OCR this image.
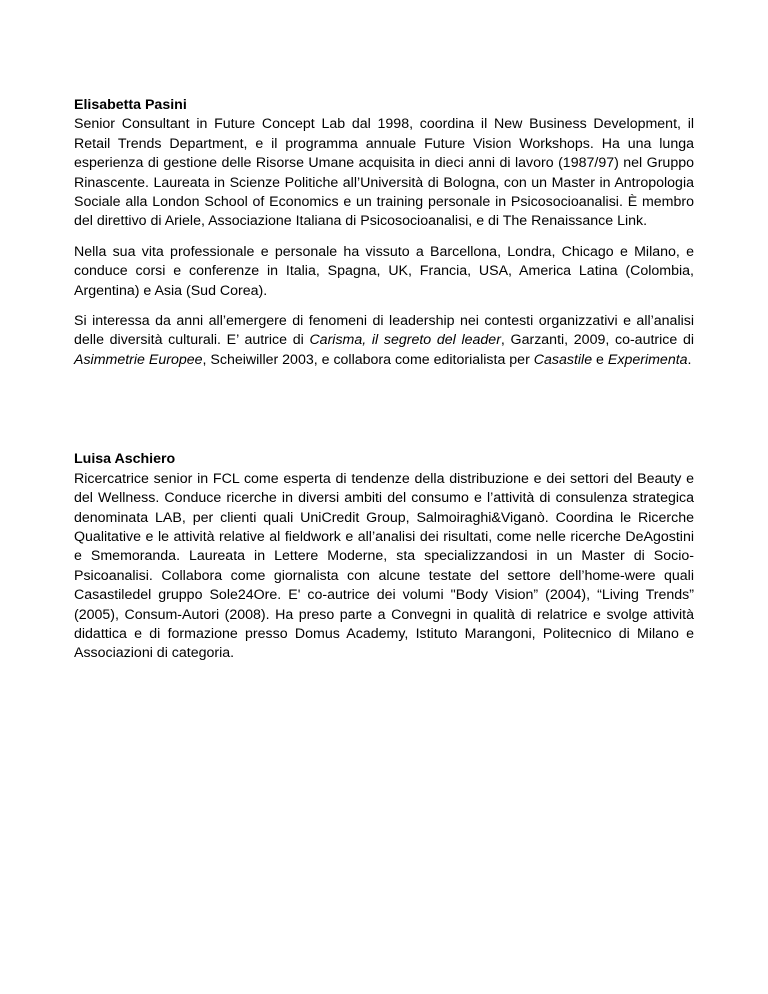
Elisabetta Pasini

Senior Consultant in Future Concept Lab dal 1998, coordina il New Business Development, il Retail Trends Department, e il programma annuale Future Vision Workshops. Ha una lunga esperienza di gestione delle Risorse Umane acquisita in dieci anni di lavoro (1987/97) nel Gruppo Rinascente. Laureata in Scienze Politiche all’Università di Bologna, con un Master in Antropologia Sociale alla London School of Economics e un training personale in Psicosocioanalisi. È membro del direttivo di Ariele, Associazione Italiana di Psicosocioanalisi, e di The Renaissance Link.

Nella sua vita professionale e personale ha vissuto a Barcellona, Londra, Chicago e Milano, e conduce corsi e conferenze in Italia, Spagna, UK, Francia, USA, America Latina (Colombia, Argentina) e Asia (Sud Corea).

Si interessa da anni all’emergere di fenomeni di leadership nei contesti organizzativi e all’analisi delle diversità culturali. E’ autrice di Carisma, il segreto del leader, Garzanti, 2009, co-autrice di Asimmetrie Europee, Scheiwiller 2003, e collabora come editorialista per Casastile e Experimenta.

Luisa Aschiero

Ricercatrice senior in FCL come esperta di tendenze della distribuzione e dei settori del Beauty e del Wellness. Conduce ricerche in diversi ambiti del consumo e l’attività di consulenza strategica denominata LAB, per clienti quali UniCredit Group, Salmoiraghi&Viganò. Coordina le Ricerche Qualitative e le attività relative al fieldwork e all’analisi dei risultati, come nelle ricerche DeAgostini e Smemoranda. Laureata in Lettere Moderne, sta specializzandosi in un Master di Socio-Psicoanalisi. Collabora come giornalista con alcune testate del settore dell’home-were quali Casastiledel gruppo Sole24Ore. E' co-autrice dei volumi "Body Vision” (2004), “Living Trends” (2005), Consum-Autori (2008). Ha preso parte a Convegni in qualità di relatrice e svolge attività didattica e di formazione presso Domus Academy, Istituto Marangoni, Politecnico di Milano e Associazioni di categoria.
